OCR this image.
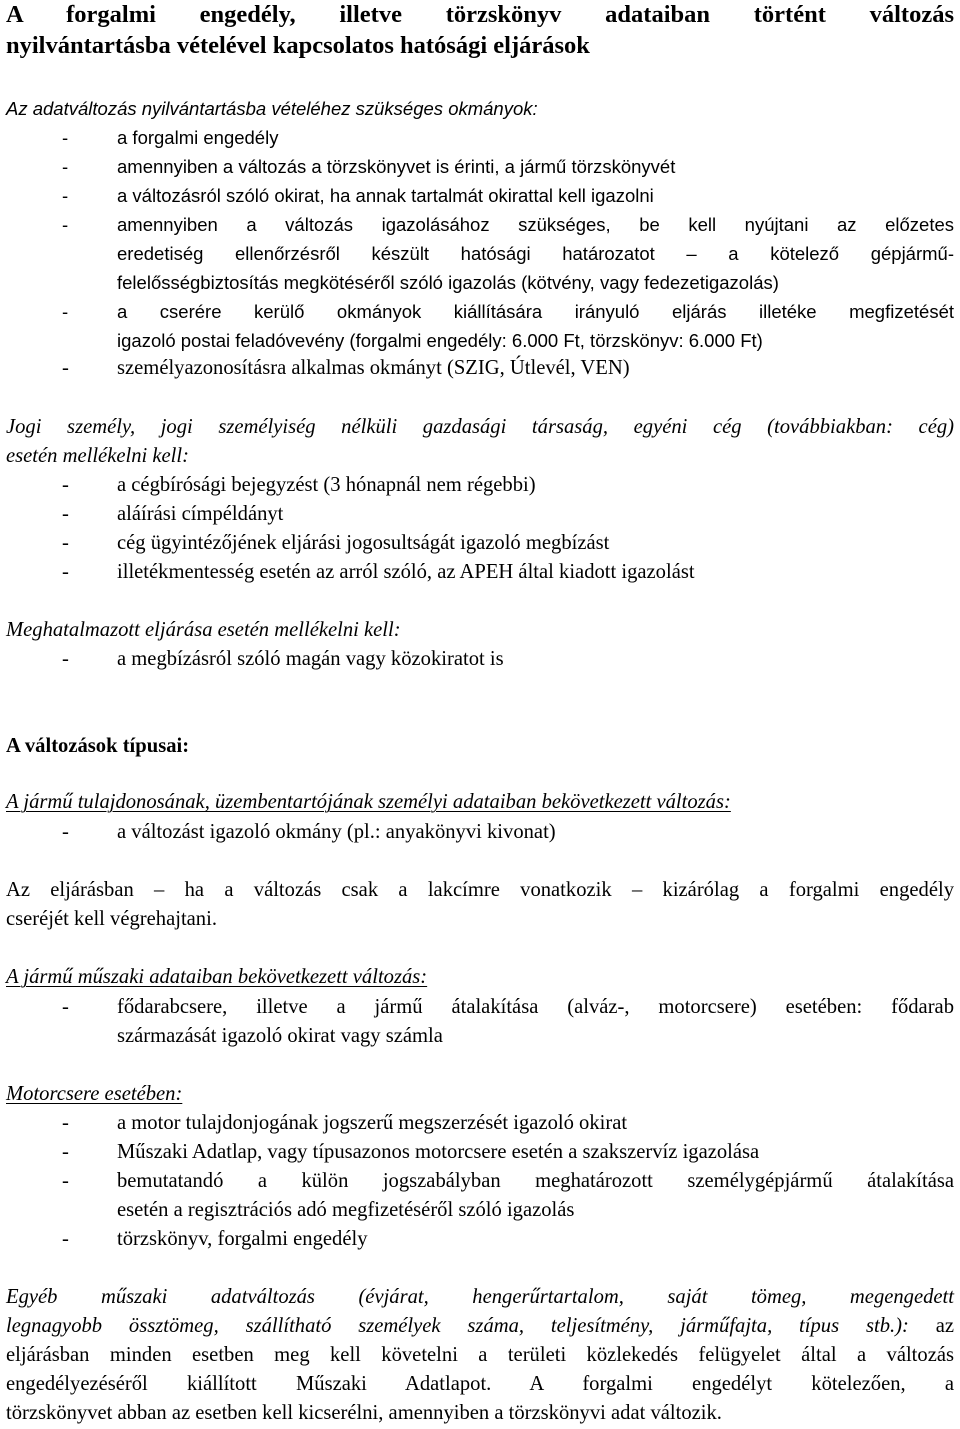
A forgalmi engedély, illetve törzskönyv adataiban történt változás
nyilvántartásba vételével kapcsolatos hatósági eljárások
Az adatváltozás nyilvántartásba vételéhez szükséges okmányok:
-	a forgalmi engedély
-	amennyiben a változás a törzskönyvet is érinti, a jármű törzskönyvét
-	a változásról szóló okirat, ha annak tartalmát okirattal kell igazolni
-	amennyiben a változás igazolásához szükséges, be kell nyújtani az előzetes
eredetiség ellenőrzésről készült hatósági határozatot – a kötelező gépjármű-
felelősségbiztosítás megkötéséről szóló igazolás (kötvény, vagy fedezetigazolás)
-	a cserére kerülő okmányok kiállítására irányuló eljárás illetéke megfizetését
igazoló postai feladóvevény (forgalmi engedély: 6.000 Ft, törzskönyv: 6.000 Ft)
- személyazonosításra alkalmas okmányt (SZIG, Útlevél, VEN)
Jogi személy, jogi személyiség nélküli gazdasági társaság, egyéni cég (továbbiakban: cég)
esetén mellékelni kell:
- a cégbírósági bejegyzést (3 hónapnál nem régebbi)
- aláírási címpéldányt
- cég ügyintézőjének eljárási jogosultságát igazoló megbízást
- illetékmentesség esetén az arról szóló, az APEH által kiadott igazolást
Meghatalmazott eljárása esetén mellékelni kell:
- a megbízásról szóló magán vagy közokiratot is
A változások típusai:
A jármű tulajdonosának, üzembentartójának személyi adataiban bekövetkezett változás:
- a változást igazoló okmány (pl.: anyakönyvi kivonat)
Az eljárásban – ha a változás csak a lakcímre vonatkozik – kizárólag a forgalmi engedély
cseréjét kell végrehajtani.
A jármű műszaki adataiban bekövetkezett változás:
- fődarabcsere, illetve a jármű átalakítása (alváz-, motorcsere) esetében: fődarab
származását igazoló okirat vagy számla
Motorcsere esetében:
- a motor tulajdonjogának jogszerű megszerzését igazoló okirat
- Műszaki Adatlap, vagy típusazonos motorcsere esetén a szakszervíz igazolása
- bemutatandó a külön jogszabályban meghatározott személygépjármű átalakítása
esetén a regisztrációs adó megfizetéséről szóló igazolás
- törzskönyv, forgalmi engedély
Egyéb műszaki adatváltozás (évjárat, hengerűrtartalom, saját tömeg, megengedett
legnagyobb össztömeg, szállítható személyek száma, teljesítmény, járműfajta, típus stb.): az
eljárásban minden esetben meg kell követelni a területi közlekedés felügyelet által a változás
engedélyezéséről kiállított Műszaki Adatlapot. A forgalmi engedélyt kötelezően, a
törzskönyvet abban az esetben kell kicserélni, amennyiben a törzskönyvi adat változik.
